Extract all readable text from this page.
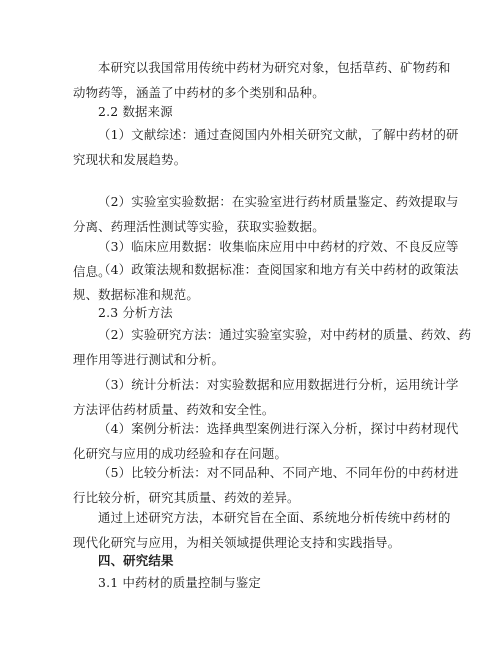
本研究以我国常用传统中药材为研究对象，包括草药、矿物药和
动物药等，涵盖了中药材的多个类别和品种。
2.2 数据来源
（1）文献综述：通过查阅国内外相关研究文献，了解中药材的研
究现状和发展趋势。
（2）实验室实验数据：在实验室进行药材质量鉴定、药效提取与
分离、药理活性测试等实验，获取实验数据。
（3）临床应用数据：收集临床应用中中药材的疗效、不良反应等
信息。
（4）政策法规和数据标准：查阅国家和地方有关中药材的政策法
规、数据标准和规范。
2.3 分析方法
（2）实验研究方法：通过实验室实验，对中药材的质量、药效、药
理作用等进行测试和分析。
（3）统计分析法：对实验数据和应用数据进行分析，运用统计学
方法评估药材质量、药效和安全性。
（4）案例分析法：选择典型案例进行深入分析，探讨中药材现代
化研究与应用的成功经验和存在问题。
（5）比较分析法：对不同品种、不同产地、不同年份的中药材进
行比较分析，研究其质量、药效的差异。
通过上述研究方法，本研究旨在全面、系统地分析传统中药材的
现代化研究与应用，为相关领域提供理论支持和实践指导。
四、研究结果
3.1 中药材的质量控制与鉴定
